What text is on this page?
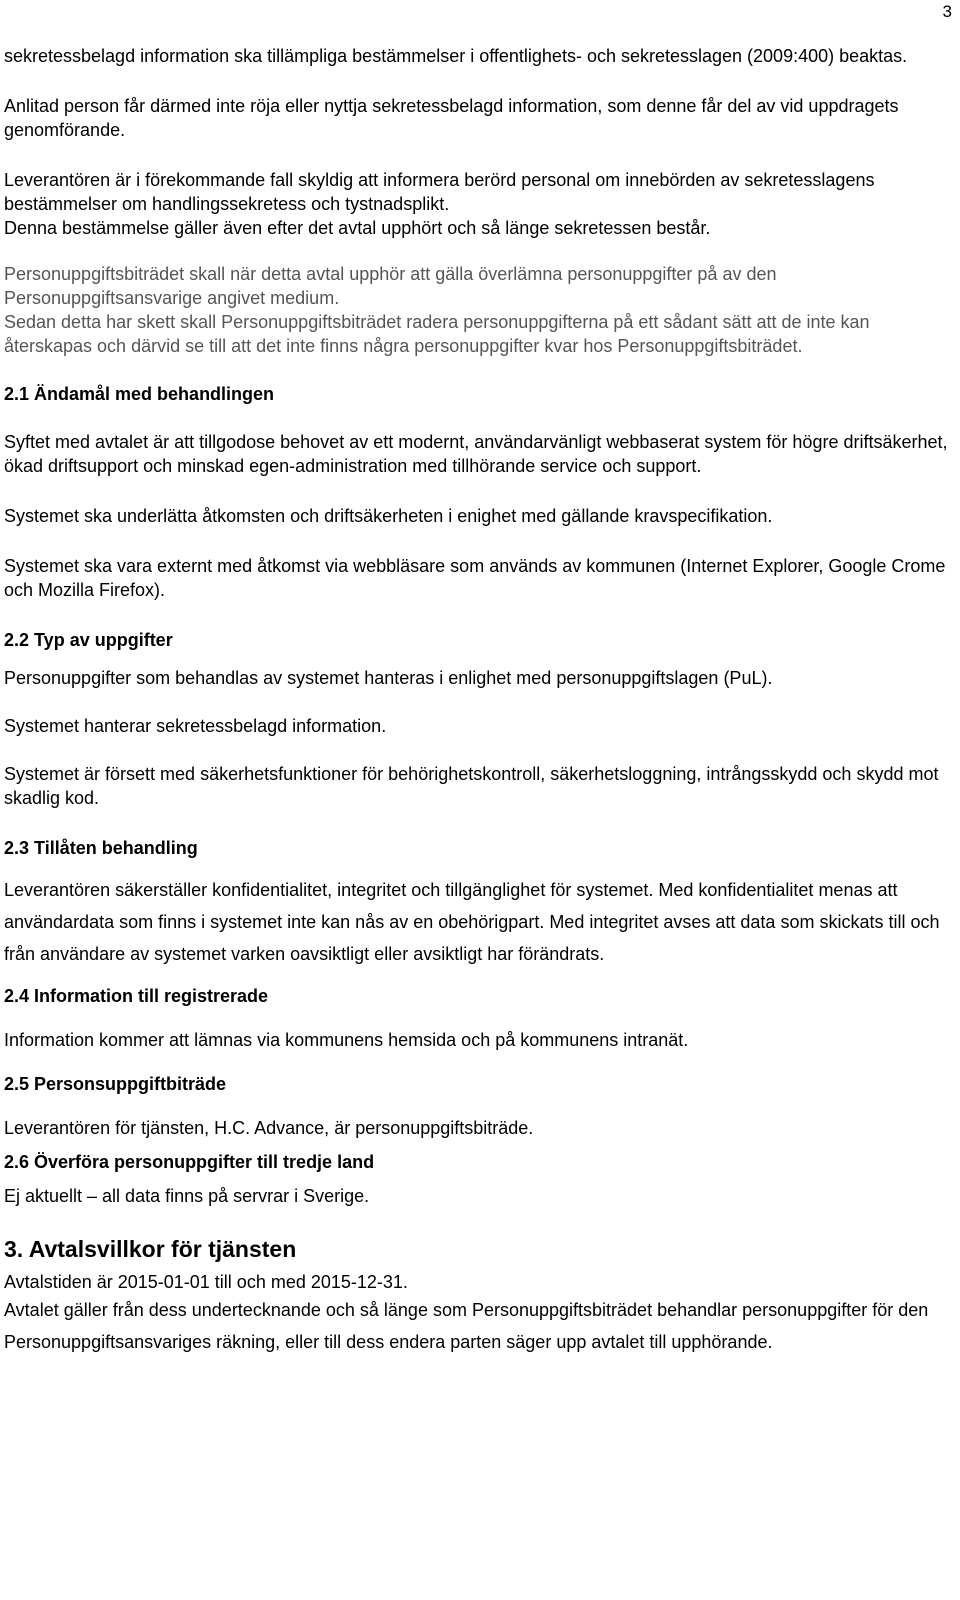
3

sekretessbelagd information ska tillämpliga bestämmelser i offentlighets- och sekretesslagen (2009:400) beaktas.

Anlitad person får därmed inte röja eller nyttja sekretessbelagd information, som denne får del av vid uppdragets genomförande.

Leverantören är i förekommande fall skyldig att informera berörd personal om innebörden av sekretesslagens bestämmelser om handlingssekretess och tystnadsplikt.

Denna bestämmelse gäller även efter det avtal upphört och så länge sekretessen består.

Personuppgiftsbiträdet skall när detta avtal upphör att gälla överlämna personuppgifter på av den Personuppgiftsansvarige angivet medium.

Sedan detta har skett skall Personuppgiftsbiträdet radera personuppgifterna på ett sådant sätt att de inte kan återskapas och därvid se till att det inte finns några personuppgifter kvar hos Personuppgiftsbiträdet.

2.1 Ändamål med behandlingen

Syftet med avtalet är att tillgodose behovet av ett modernt, användarvänligt webbaserat system för högre driftsäkerhet, ökad driftsupport och minskad egen-administration med tillhörande service och support.

Systemet ska underlätta åtkomsten och driftsäkerheten i enighet med gällande kravspecifikation.

Systemet ska vara externt med åtkomst via webbläsare som används av kommunen (Internet Explorer, Google Crome och Mozilla Firefox).

2.2 Typ av uppgifter

Personuppgifter som behandlas av systemet hanteras i enlighet med personuppgiftslagen (PuL).

Systemet hanterar sekretessbelagd information.

Systemet är försett med säkerhetsfunktioner för behörighetskontroll, säkerhetsloggning, intrångsskydd och skydd mot skadlig kod.

2.3 Tillåten behandling

Leverantören säkerställer konfidentialitet, integritet och tillgänglighet för systemet. Med konfidentialitet menas att användardata som finns i systemet inte kan nås av en obehörigpart. Med integritet avses att data som skickats till och från användare av systemet varken oavsiktligt eller avsiktligt har förändrats.

2.4 Information till registrerade

Information kommer att lämnas via kommunens hemsida och på kommunens intranät.

2.5 Personsuppgiftbiträde

Leverantören för tjänsten, H.C. Advance, är personuppgiftsbiträde.

2.6 Överföra personuppgifter till tredje land

Ej aktuellt – all data finns på servrar i Sverige.

3. Avtalsvillkor för tjänsten

Avtalstiden är 2015-01-01 till och med 2015-12-31.

Avtalet gäller från dess undertecknande och så länge som Personuppgiftsbiträdet behandlar personuppgifter för den Personuppgiftsansvariges räkning, eller till dess endera parten säger upp avtalet till upphörande.
